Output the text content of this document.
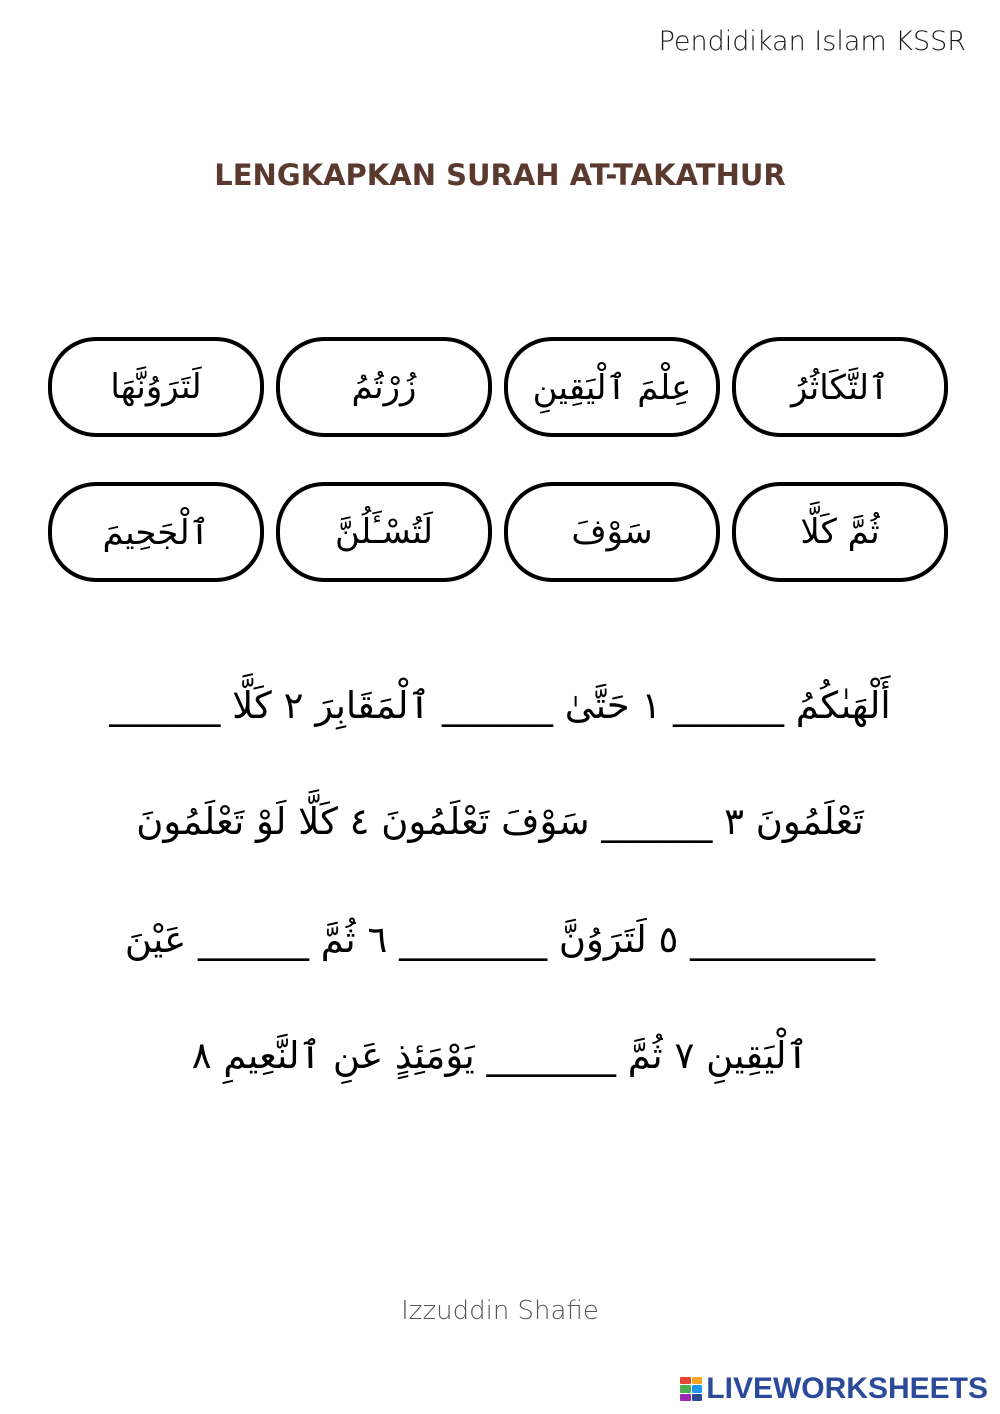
Pendidikan Islam KSSR
LENGKAPKAN SURAH AT-TAKATHUR
ٱلتَّكَاثُرُ
عِلْمَ ٱلْيَقِينِ
زُرْتُمُ
لَتَرَوُنَّهَا
ثُمَّ كَلَّا
سَوْفَ
لَتُسْـَٔلُنَّ
ٱلْجَحِيمَ
أَلْهَىٰكُمُ ______ ١ حَتَّىٰ ______ ٱلْمَقَابِرَ ٢ كَلَّا ______
تَعْلَمُونَ ٣ ______ سَوْفَ تَعْلَمُونَ ٤ كَلَّا لَوْ تَعْلَمُونَ
__________ ٥ لَتَرَوُنَّ ________ ٦ ثُمَّ ______ عَيْنَ
ٱلْيَقِينِ ٧ ثُمَّ _______ يَوْمَئِذٍ عَنِ ٱلنَّعِيمِ ٨
Izzuddin Shafie
LIVEWORKSHEETS
